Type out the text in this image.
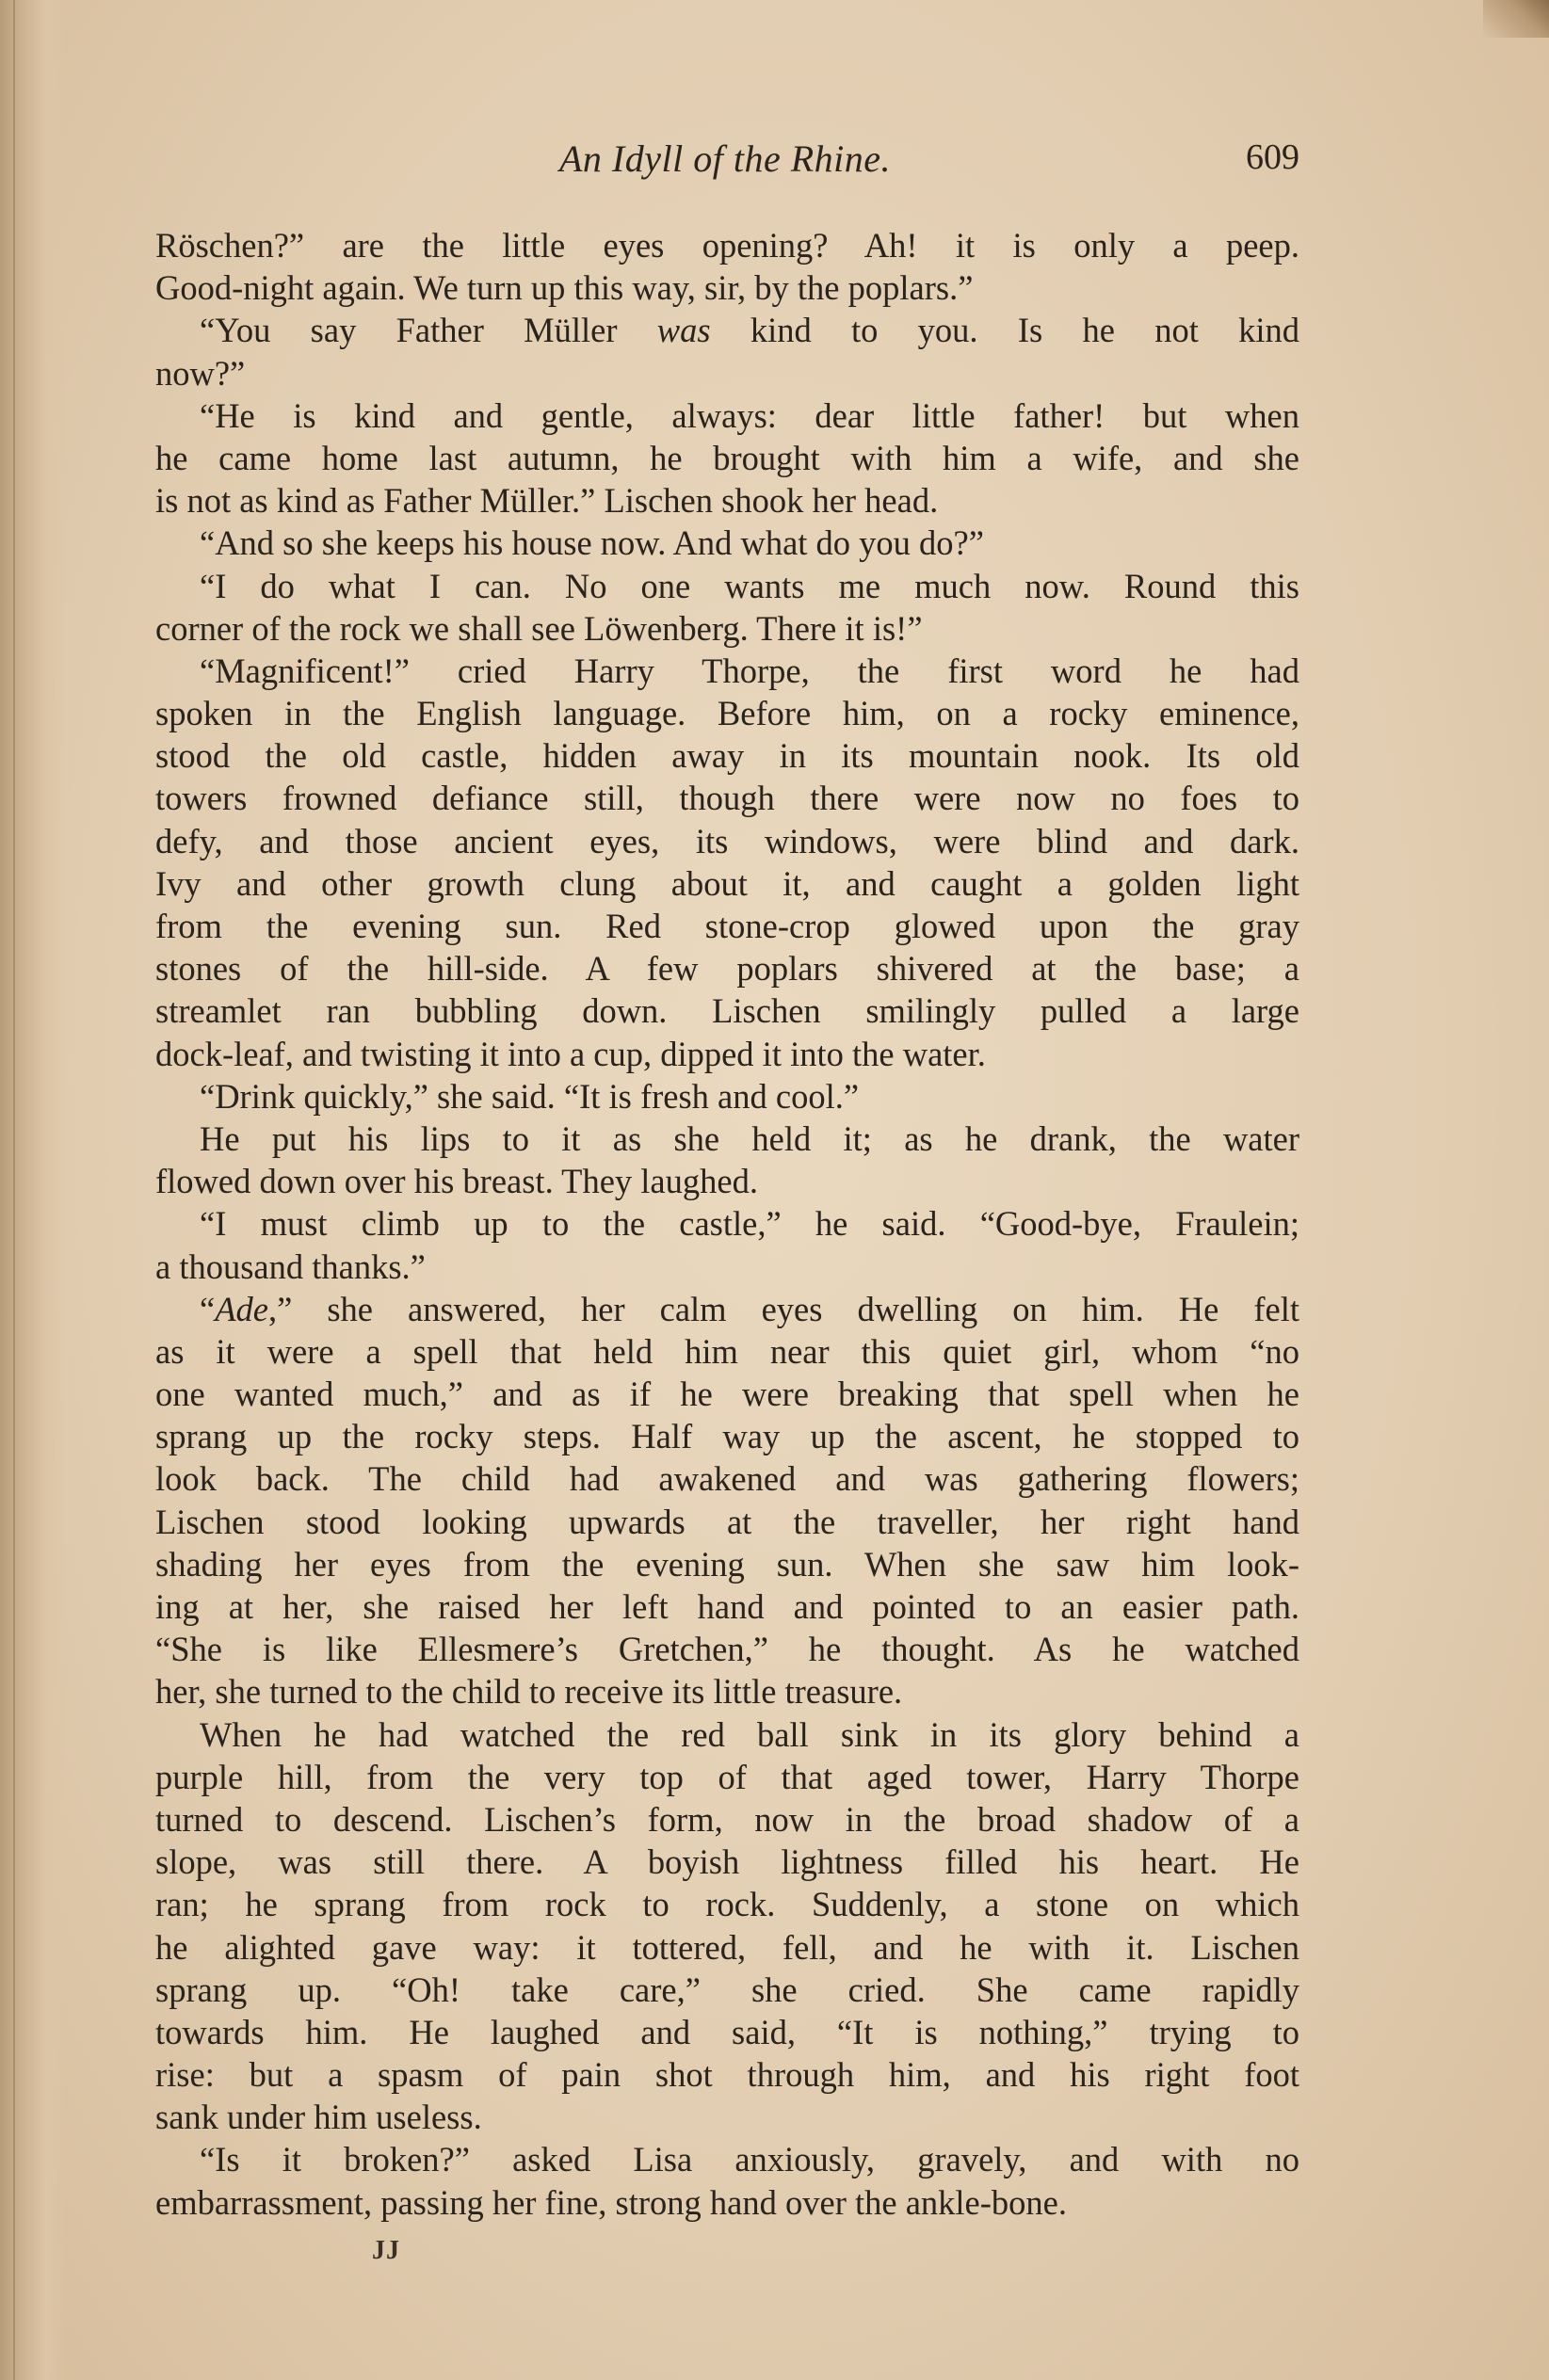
An Idyll of the Rhine.	609
Röschen?” are the little eyes opening? Ah! it is only a peep.
Good-night again. We turn up this way, sir, by the poplars.”
“You say Father Müller was kind to you. Is he not kind
now?”
“He is kind and gentle, always: dear little father! but when
he came home last autumn, he brought with him a wife, and she
is not as kind as Father Müller.” Lischen shook her head.
“And so she keeps his house now. And what do you do?”
“I do what I can. No one wants me much now. Round this
corner of the rock we shall see Löwenberg. There it is!”
“Magnificent!” cried Harry Thorpe, the first word he had
spoken in the English language. Before him, on a rocky eminence,
stood the old castle, hidden away in its mountain nook. Its old
towers frowned defiance still, though there were now no foes to
defy, and those ancient eyes, its windows, were blind and dark.
Ivy and other growth clung about it, and caught a golden light
from the evening sun. Red stone-crop glowed upon the gray
stones of the hill-side. A few poplars shivered at the base; a
streamlet ran bubbling down. Lischen smilingly pulled a large
dock-leaf, and twisting it into a cup, dipped it into the water.
“Drink quickly,” she said. “It is fresh and cool.”
He put his lips to it as she held it; as he drank, the water
flowed down over his breast. They laughed.
“I must climb up to the castle,” he said. “Good-bye, Fraulein;
a thousand thanks.”
“Ade,” she answered, her calm eyes dwelling on him. He felt
as it were a spell that held him near this quiet girl, whom “no
one wanted much,” and as if he were breaking that spell when he
sprang up the rocky steps. Half way up the ascent, he stopped to
look back. The child had awakened and was gathering flowers;
Lischen stood looking upwards at the traveller, her right hand
shading her eyes from the evening sun. When she saw him look-
ing at her, she raised her left hand and pointed to an easier path.
“She is like Ellesmere’s Gretchen,” he thought. As he watched
her, she turned to the child to receive its little treasure.
When he had watched the red ball sink in its glory behind a
purple hill, from the very top of that aged tower, Harry Thorpe
turned to descend. Lischen’s form, now in the broad shadow of a
slope, was still there. A boyish lightness filled his heart. He
ran; he sprang from rock to rock. Suddenly, a stone on which
he alighted gave way: it tottered, fell, and he with it. Lischen
sprang up. “Oh! take care,” she cried. She came rapidly
towards him. He laughed and said, “It is nothing,” trying to
rise: but a spasm of pain shot through him, and his right foot
sank under him useless.
“Is it broken?” asked Lisa anxiously, gravely, and with no
embarrassment, passing her fine, strong hand over the ankle-bone.
JJ
